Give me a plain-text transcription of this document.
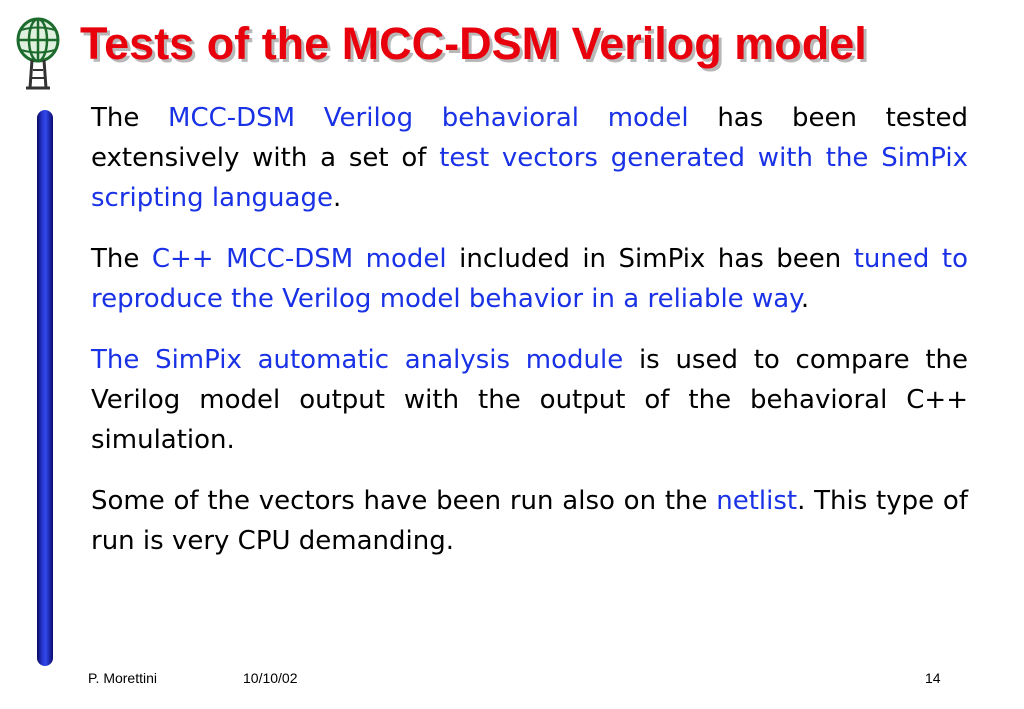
Tests of the MCC-DSM Verilog model

The MCC-DSM Verilog behavioral model has been tested extensively with a set of test vectors generated with the SimPix scripting language.

The C++ MCC-DSM model included in SimPix has been tuned to reproduce the Verilog model behavior in a reliable way.

The SimPix automatic analysis module is used to compare the Verilog model output with the output of the behavioral C++ simulation.

Some of the vectors have been run also on the netlist. This type of run is very CPU demanding.

P. Morettini	10/10/02	14
